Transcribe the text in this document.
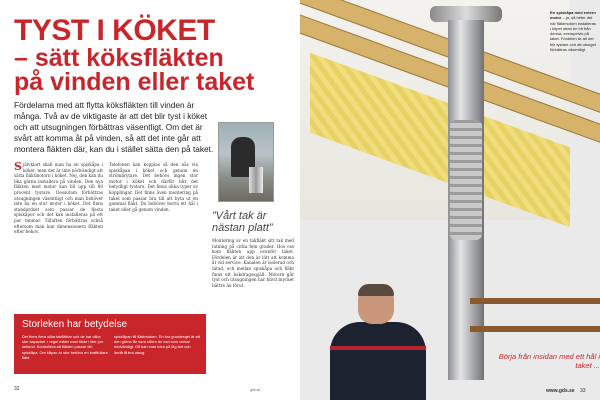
TYST I KÖKET
– sätt köksfläkten
på vinden eller taket
Fördelarna med att flytta köksfläkten till vinden är många. Två av de viktigaste är att det blir tyst i köket och att utsugningen förbättras väsentligt. Om det är svårt att komma åt på vinden, så att det inte går att montera fläkten där, kan du i stället sätta den på taket.
Självklart skall man ha en spiskåpa i köket, men det är inte nödvändigt att sätta fläktmotorn i köket. Nej, den kan du lika gärna installera på vinden. Den nya fläkten med motor kan bli upp till 80 procent tystare. Dessutom förbättras utsugningen väsentligt och man behöver inte ha en stor motor i köket. Det finns standardset som passar de flesta spiskåpor och det kan installeras på ett par timmar. Tilluften förbättras också eftersom man kan dimensionera fläkten efter behov.
Telefonen kan kopplas så den nås via spiskåpan i köket och genom en strömbrytare. Det behövs ingen stor motor i köket och därför blir det betydligt tystare. Det finns olika typer av kopplingar. Det finns även montering på taket som passar bra till att byta ut en gammal fläkt. Du behöver borra ett hål i taket eller gå genom vinden.
”Vårt tak är nästan platt”
Montering av en takfläkt sitt tak med lutning på cirka fem grader. Hos oss kom fläkten upp ovanför taket. Fördelen är att den är lätt att komma åt vid service. Kanalen är isolerad och tätad, och mellan spiskåpa och fläkt finns ett bakdragsspjäll. Motorn går tyst och utsugningen har blivit mycket bättre än förut.
Storleken har betydelse
Det finns flera olika takfläktar och de har olika stor kapacitet. I regel mäter man flöde i liter per sekund. Kontrollera att fläkten passar din spiskåpa. Om kåpan är stor behövs en kraftfullare fläkt.
spiskåpan till fläktmotorn. En bra grundregel är att den gärna får vara större än vad som verkar nödvändigt. Då kan man köra på låg fart och ändå få bra utsug.
32	gds.se
En spiskåpa med extern motor – ja, så heter det när fläktmotorn installeras i köpet uttan en bit från denna, exempelvis på taket. Fördelen är att det blir tystare och att utsuget förbättras väsentligt.
Börja från insidan med ett hål i taket ...
www.gds.se 33
